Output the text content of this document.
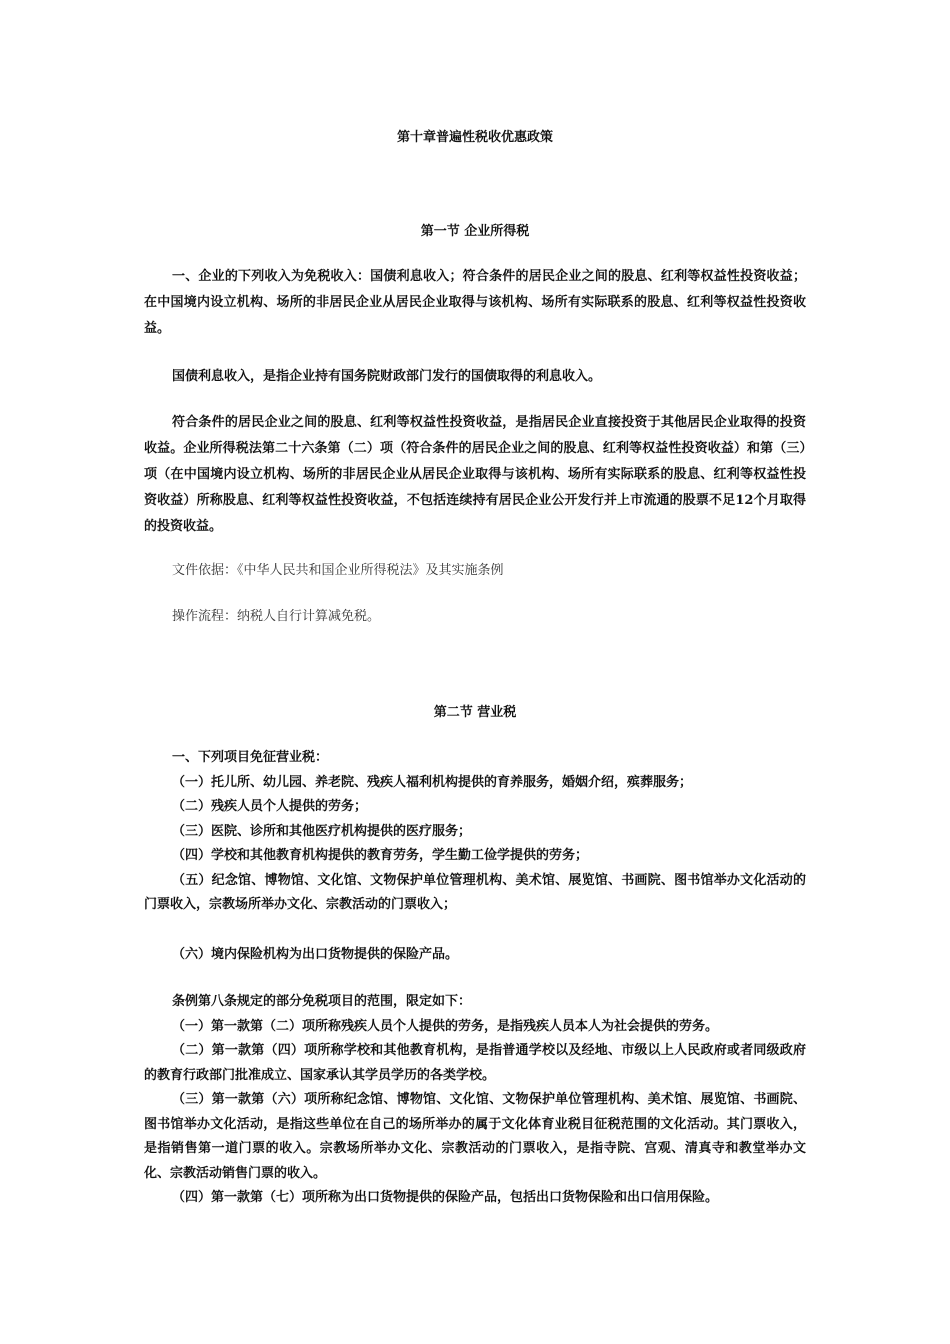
第十章普遍性税收优惠政策
第一节 企业所得税
一、企业的下列收入为免税收入：国债利息收入；符合条件的居民企业之间的股息、红利等权益性投资收益；在中国境内设立机构、场所的非居民企业从居民企业取得与该机构、场所有实际联系的股息、红利等权益性投资收益。
国债利息收入，是指企业持有国务院财政部门发行的国债取得的利息收入。
符合条件的居民企业之间的股息、红利等权益性投资收益，是指居民企业直接投资于其他居民企业取得的投资收益。企业所得税法第二十六条第（二）项（符合条件的居民企业之间的股息、红利等权益性投资收益）和第（三）项（在中国境内设立机构、场所的非居民企业从居民企业取得与该机构、场所有实际联系的股息、红利等权益性投资收益）所称股息、红利等权益性投资收益，不包括连续持有居民企业公开发行并上市流通的股票不足12个月取得的投资收益。
文件依据：《中华人民共和国企业所得税法》及其实施条例
操作流程：纳税人自行计算减免税。
第二节 营业税

一、下列项目免征营业税：

（一）托儿所、幼儿园、养老院、残疾人福利机构提供的育养服务，婚姻介绍，殡葬服务；

（二）残疾人员个人提供的劳务；

（三）医院、诊所和其他医疗机构提供的医疗服务；

（四）学校和其他教育机构提供的教育劳务，学生勤工俭学提供的劳务；

（五）纪念馆、博物馆、文化馆、文物保护单位管理机构、美术馆、展览馆、书画院、图书馆举办文化活动的门票收入，宗教场所举办文化、宗教活动的门票收入；

（六）境内保险机构为出口货物提供的保险产品。

条例第八条规定的部分免税项目的范围，限定如下：

（一）第一款第（二）项所称残疾人员个人提供的劳务，是指残疾人员本人为社会提供的劳务。

（二）第一款第（四）项所称学校和其他教育机构，是指普通学校以及经地、市级以上人民政府或者同级政府的教育行政部门批准成立、国家承认其学员学历的各类学校。

（三）第一款第（六）项所称纪念馆、博物馆、文化馆、文物保护单位管理机构、美术馆、展览馆、书画院、图书馆举办文化活动，是指这些单位在自己的场所举办的属于文化体育业税目征税范围的文化活动。其门票收入，是指销售第一道门票的收入。宗教场所举办文化、宗教活动的门票收入，是指寺院、宫观、清真寺和教堂举办文化、宗教活动销售门票的收入。

（四）第一款第（七）项所称为出口货物提供的保险产品，包括出口货物保险和出口信用保险。
